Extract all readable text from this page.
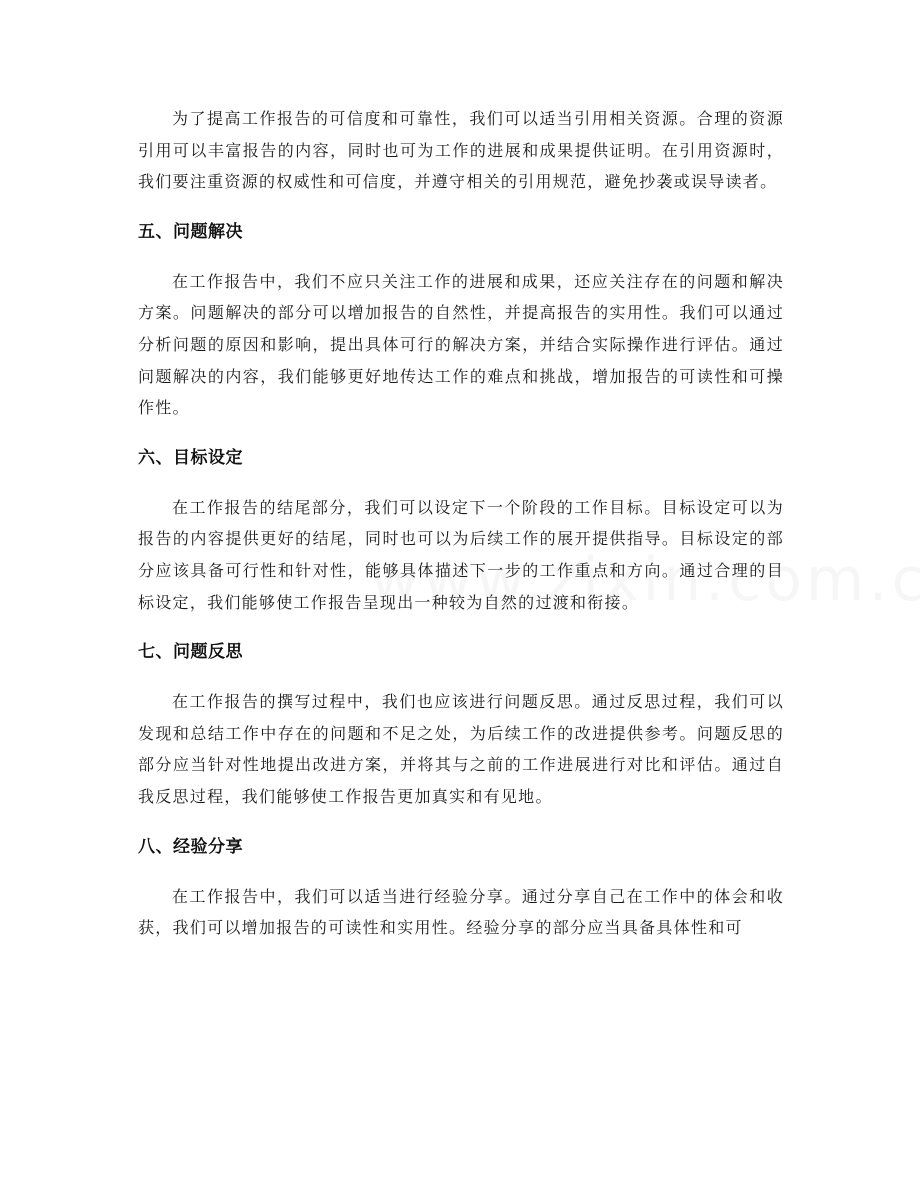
为了提高工作报告的可信度和可靠性，我们可以适当引用相关资源。合理的资源引用可以丰富报告的内容，同时也可为工作的进展和成果提供证明。在引用资源时，我们要注重资源的权威性和可信度，并遵守相关的引用规范，避免抄袭或误导读者。

五、问题解决

在工作报告中，我们不应只关注工作的进展和成果，还应关注存在的问题和解决方案。问题解决的部分可以增加报告的自然性，并提高报告的实用性。我们可以通过分析问题的原因和影响，提出具体可行的解决方案，并结合实际操作进行评估。通过问题解决的内容，我们能够更好地传达工作的难点和挑战，增加报告的可读性和可操作性。

六、目标设定

在工作报告的结尾部分，我们可以设定下一个阶段的工作目标。目标设定可以为报告的内容提供更好的结尾，同时也可以为后续工作的展开提供指导。目标设定的部分应该具备可行性和针对性，能够具体描述下一步的工作重点和方向。通过合理的目标设定，我们能够使工作报告呈现出一种较为自然的过渡和衔接。

七、问题反思

在工作报告的撰写过程中，我们也应该进行问题反思。通过反思过程，我们可以发现和总结工作中存在的问题和不足之处，为后续工作的改进提供参考。问题反思的部分应当针对性地提出改进方案，并将其与之前的工作进展进行对比和评估。通过自我反思过程，我们能够使工作报告更加真实和有见地。

八、经验分享

在工作报告中，我们可以适当进行经验分享。通过分享自己在工作中的体会和收获，我们可以增加报告的可读性和实用性。经验分享的部分应当具备具体性和可
